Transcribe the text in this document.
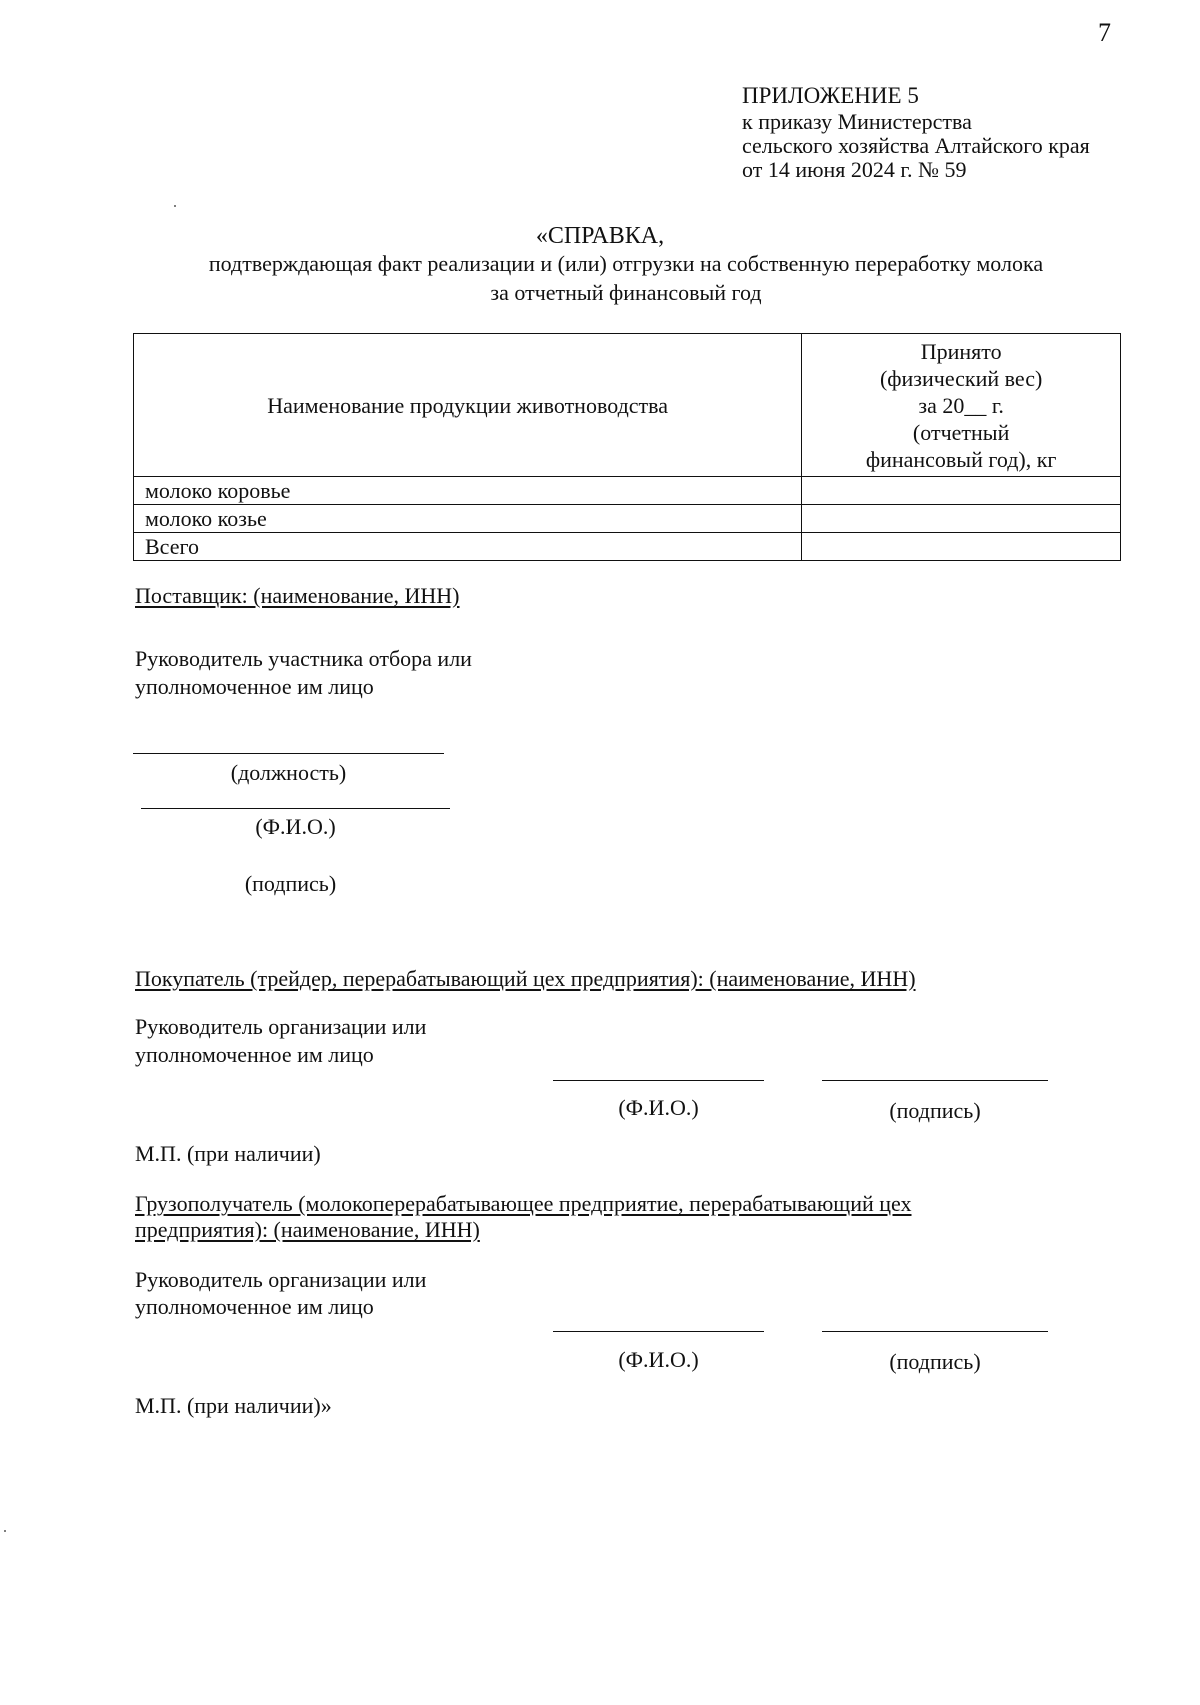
7
ПРИЛОЖЕНИЕ 5
к приказу Министерства
сельского хозяйства Алтайского края
от 14 июня 2024 г. № 59
«СПРАВКА,
подтверждающая факт реализации и (или) отгрузки на собственную переработку молока
за отчетный финансовый год
Наименование продукции животноводства	Принято
(физический вес)
за 20__ г.
(отчетный
финансовый год), кг

молоко коровье	
молоко козье	
Всего	
Поставщик: (наименование, ИНН)
Руководитель участника отбора или
уполномоченное им лицо
(должность)
(Ф.И.О.)
(подпись)
Покупатель (трейдер, перерабатывающий цех предприятия): (наименование, ИНН)
Руководитель организации или
уполномоченное им лицо
(Ф.И.О.)	(подпись)
М.П. (при наличии)
Грузополучатель (молокоперерабатывающее предприятие, перерабатывающий цех
предприятия): (наименование, ИНН)
Руководитель организации или
уполномоченное им лицо
(Ф.И.О.)	(подпись)
М.П. (при наличии)»
